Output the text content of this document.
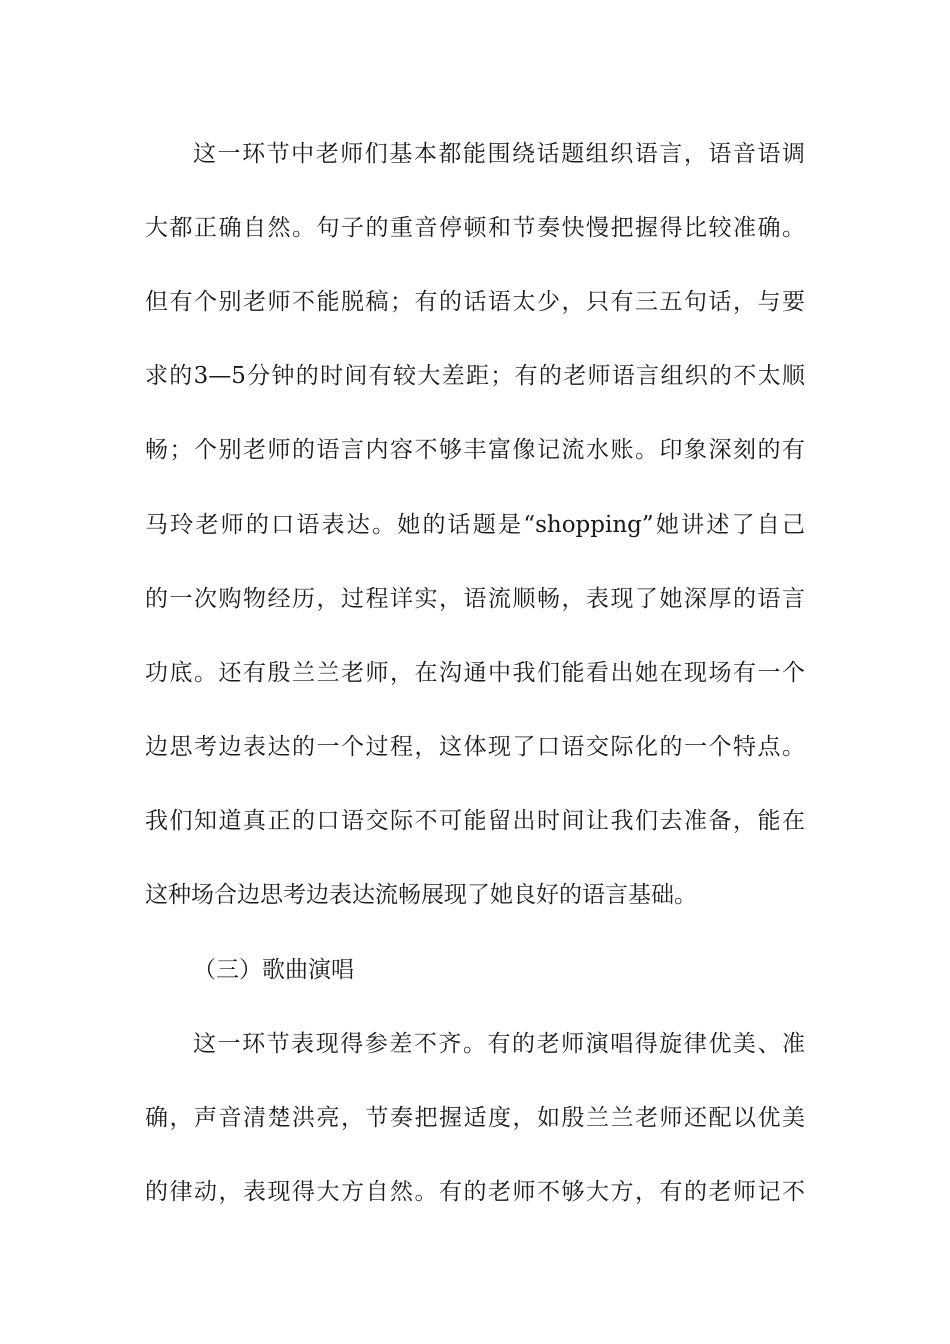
这一环节中老师们基本都能围绕话题组织语言，语音语调
大都正确自然。句子的重音停顿和节奏快慢把握得比较准确。
但有个别老师不能脱稿；有的话语太少，只有三五句话，与要
求的3—5分钟的时间有较大差距；有的老师语言组织的不太顺
畅；个别老师的语言内容不够丰富像记流水账。印象深刻的有
马玲老师的口语表达。她的话题是“shopping”她讲述了自己
的一次购物经历，过程详实，语流顺畅，表现了她深厚的语言
功底。还有殷兰兰老师，在沟通中我们能看出她在现场有一个
边思考边表达的一个过程，这体现了口语交际化的一个特点。
我们知道真正的口语交际不可能留出时间让我们去准备，能在
这种场合边思考边表达流畅展现了她良好的语言基础。
（三）歌曲演唱
这一环节表现得参差不齐。有的老师演唱得旋律优美、准
确，声音清楚洪亮，节奏把握适度，如殷兰兰老师还配以优美
的律动，表现得大方自然。有的老师不够大方，有的老师记不
